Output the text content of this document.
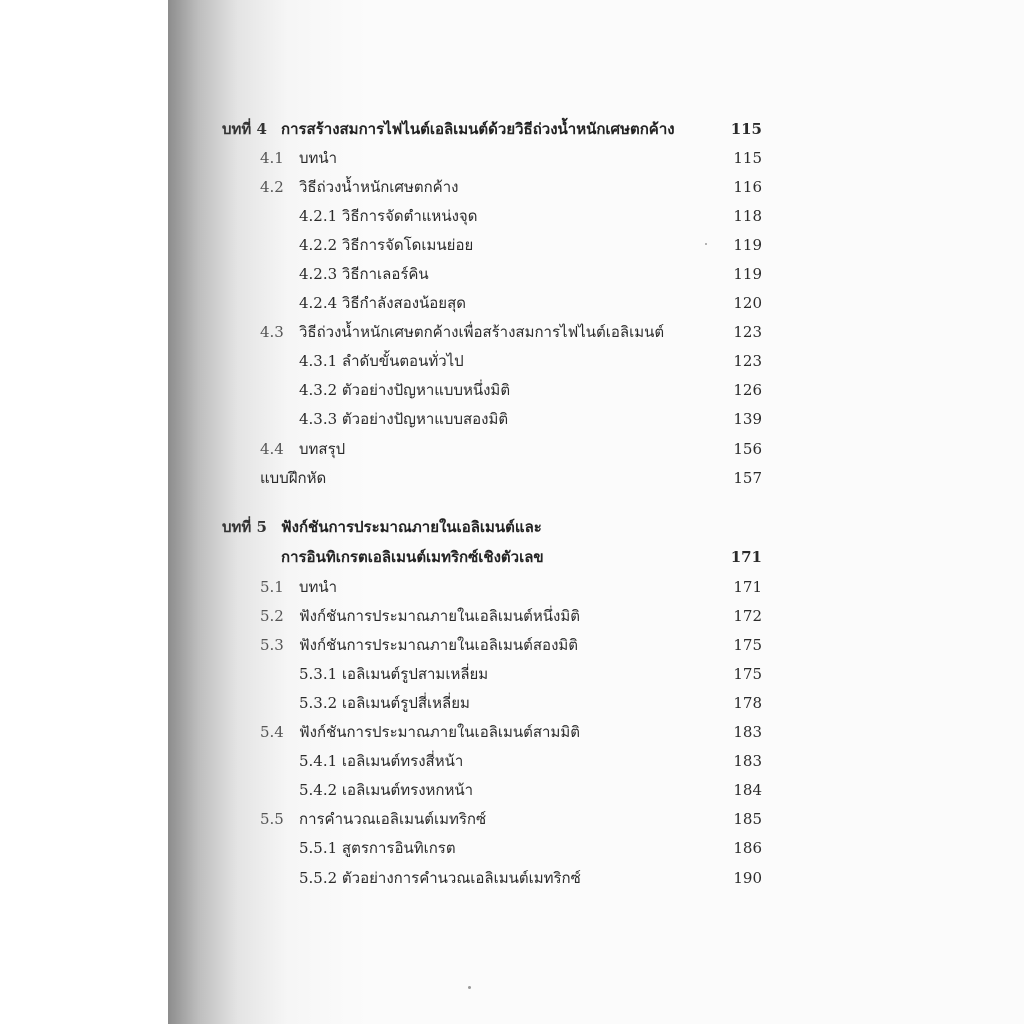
บทที่ 4 การสร้างสมการไฟไนต์เอลิเมนต์ด้วยวิธีถ่วงน้ำหนักเศษตกค้าง	115
4.1 บทนำ	115
4.2 วิธีถ่วงน้ำหนักเศษตกค้าง	116
4.2.1 วิธีการจัดตำแหน่งจุด	118
4.2.2 วิธีการจัดโดเมนย่อย	119
4.2.3 วิธีกาเลอร์คิน	119
4.2.4 วิธีกำลังสองน้อยสุด	120
4.3 วิธีถ่วงน้ำหนักเศษตกค้างเพื่อสร้างสมการไฟไนต์เอลิเมนต์	123
4.3.1 ลำดับขั้นตอนทั่วไป	123
4.3.2 ตัวอย่างปัญหาแบบหนึ่งมิติ	126
4.3.3 ตัวอย่างปัญหาแบบสองมิติ	139
4.4 บทสรุป	156
แบบฝึกหัด	157
บทที่ 5 ฟังก์ชันการประมาณภายในเอลิเมนต์และ
การอินทิเกรตเอลิเมนต์เมทริกซ์เชิงตัวเลข	171
5.1 บทนำ	171
5.2 ฟังก์ชันการประมาณภายในเอลิเมนต์หนึ่งมิติ	172
5.3 ฟังก์ชันการประมาณภายในเอลิเมนต์สองมิติ	175
5.3.1 เอลิเมนต์รูปสามเหลี่ยม	175
5.3.2 เอลิเมนต์รูปสี่เหลี่ยม	178
5.4 ฟังก์ชันการประมาณภายในเอลิเมนต์สามมิติ	183
5.4.1 เอลิเมนต์ทรงสี่หน้า	183
5.4.2 เอลิเมนต์ทรงหกหน้า	184
5.5 การคำนวณเอลิเมนต์เมทริกซ์	185
5.5.1 สูตรการอินทิเกรต	186
5.5.2 ตัวอย่างการคำนวณเอลิเมนต์เมทริกซ์	190
